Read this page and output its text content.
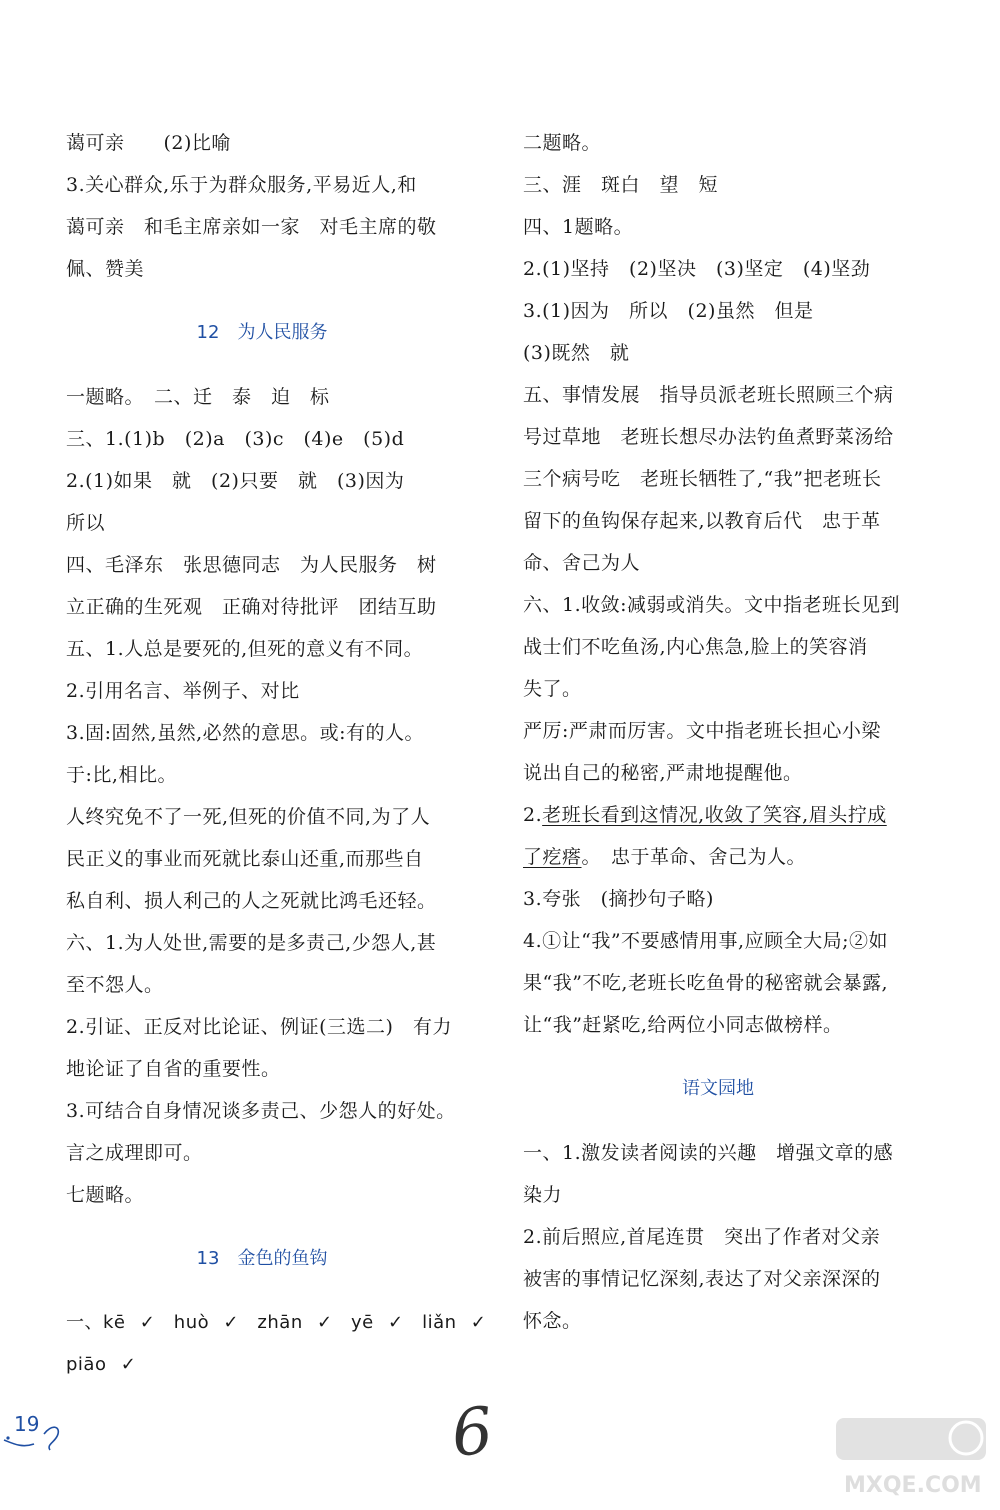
蔼可亲　　(2)比喻
3.关心群众,乐于为群众服务,平易近人,和
蔼可亲　和毛主席亲如一家　对毛主席的敬
佩、赞美
12　为人民服务
一题略。　二、迁　泰　迫　标
三、1.(1)b　(2)a　(3)c　(4)e　(5)d
2.(1)如果　就　(2)只要　就　(3)因为
所以
四、毛泽东　张思德同志　为人民服务　树
立正确的生死观　正确对待批评　团结互助
五、1.人总是要死的,但死的意义有不同。
2.引用名言、举例子、对比
3.固:固然,虽然,必然的意思。或:有的人。
于:比,相比。
人终究免不了一死,但死的价值不同,为了人
民正义的事业而死就比泰山还重,而那些自
私自利、损人利己的人之死就比鸿毛还轻。
六、1.为人处世,需要的是多责己,少怨人,甚
至不怨人。
2.引证、正反对比论证、例证(三选二)　有力
地论证了自省的重要性。
3.可结合自身情况谈多责己、少怨人的好处。
言之成理即可。
七题略。
13　金色的鱼钩
一、kē ✓　huò ✓　zhān ✓　yē ✓　liǎn ✓
piāo ✓
二题略。
三、涯　斑白　望　短
四、1题略。
2.(1)坚持　(2)坚决　(3)坚定　(4)坚劲
3.(1)因为　所以　(2)虽然　但是
(3)既然　就
五、事情发展　指导员派老班长照顾三个病
号过草地　老班长想尽办法钓鱼煮野菜汤给
三个病号吃　老班长牺牲了,“我”把老班长
留下的鱼钩保存起来,以教育后代　忠于革
命、舍己为人
六、1.收敛:减弱或消失。文中指老班长见到
战士们不吃鱼汤,内心焦急,脸上的笑容消
失了。
严厉:严肃而厉害。文中指老班长担心小梁
说出自己的秘密,严肃地提醒他。
2.老班长看到这情况,收敛了笑容,眉头拧成
了疙瘩。　忠于革命、舍己为人。
3.夸张　(摘抄句子略)
4.①让“我”不要感情用事,应顾全大局;②如
果“我”不吃,老班长吃鱼骨的秘密就会暴露,
让“我”赶紧吃,给两位小同志做榜样。
语文园地
一、1.激发读者阅读的兴趣　增强文章的感
染力
2.前后照应,首尾连贯　突出了作者对父亲
被害的事情记忆深刻,表达了对父亲深深的
怀念。
19	6
MXQE.COM
